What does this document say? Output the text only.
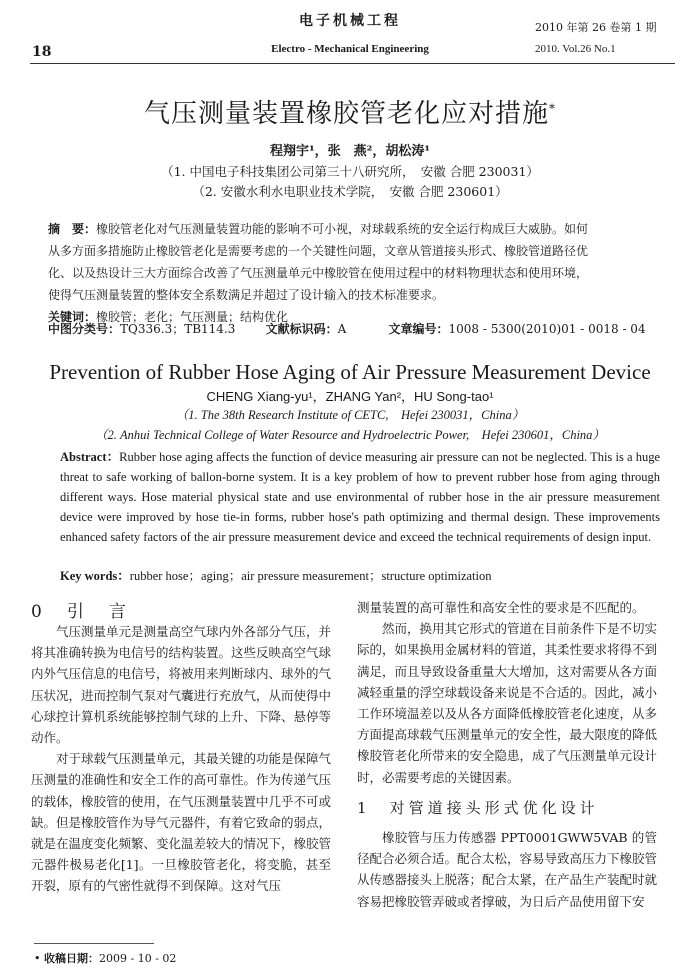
18
电子机械工程
Electro - Mechanical Engineering
2010 年第 26 卷第 1 期
2010. Vol.26 No.1
气压测量装置橡胶管老化应对措施*
程翔宇¹，张　燕²，胡松涛¹
（1. 中国电子科技集团公司第三十八研究所，　安徽 合肥 230031）
（2. 安徽水利水电职业技术学院，　安徽 合肥 230601）
摘　要：橡胶管老化对气压测量装置功能的影响不可小视，对球载系统的安全运行构成巨大威胁。如何
从多方面多措施防止橡胶管老化是需要考虑的一个关键性问题，文章从管道接头形式、橡胶管道路径优
化、以及热设计三大方面综合改善了气压测量单元中橡胶管在使用过程中的材料物理状态和使用环境，
使得气压测量装置的整体安全系数满足并超过了设计输入的技术标准要求。
关键词：橡胶管；老化；气压测量；结构优化
中图分类号：TQ336.3；TB114.3	文献标识码：A	文章编号：1008 - 5300(2010)01 - 0018 - 04
Prevention of Rubber Hose Aging of Air Pressure Measurement Device
CHENG Xiang-yu¹，ZHANG Yan²，HU Song-tao¹
（1. The 38th Research Institute of CETC,　Hefei 230031，China）
（2. Anhui Technical College of Water Resource and Hydroelectric Power,　Hefei 230601，China）
Abstract：Rubber hose aging affects the function of device measuring air pressure can not be neglected. This is a huge threat to safe working of ballon-borne system. It is a key problem of how to prevent rubber hose from aging through different ways. Hose material physical state and use environmental of rubber hose in the air pressure measurement device were improved by hose tie-in forms, rubber hose's path optimizing and thermal design. These improvements enhanced safety factors of the air pressure measurement device and exceed the technical requirements of design input.
Key words：rubber hose；aging；air pressure measurement；structure optimization
0　 引　言

气压测量单元是测量高空气球内外各部分气压，并将其准确转换为电信号的结构装置。这些反映高空气球内外气压信息的电信号，将被用来判断球内、球外的气压状况，进而控制气泵对气囊进行充放气，从而使得中心球控计算机系统能够控制气球的上升、下降、悬停等动作。

对于球载气压测量单元，其最关键的功能是保障气压测量的准确性和安全工作的高可靠性。作为传递气压的载体，橡胶管的使用，在气压测量装置中几乎不可或缺。但是橡胶管作为导气元器件，有着它致命的弱点，就是在温度变化频繁、变化温差较大的情况下，橡胶管元器件极易老化[1]。一旦橡胶管老化，将变脆，甚至开裂，原有的气密性就得不到保障。这对气压

测量装置的高可靠性和高安全性的要求是不匹配的。

然而，换用其它形式的管道在目前条件下是不切实际的，如果换用金属材料的管道，其柔性要求将得不到满足，而且导致设备重量大大增加，这对需要从各方面减轻重量的浮空球载设备来说是不合适的。因此，减小工作环境温差以及从各方面降低橡胶管老化速度，从多方面提高球载气压测量单元的安全性，最大限度的降低橡胶管老化所带来的安全隐患，成了气压测量单元设计时，必需要考虑的关键因素。

1　 对管道接头形式优化设计

橡胶管与压力传感器 PPT0001GWW5VAB 的管径配合必须合适。配合太松，容易导致高压力下橡胶管从传感器接头上脱落；配合太紧，在产品生产装配时就容易把橡胶管弄破或者撑破，为日后产品使用留下安

• 收稿日期：2009 - 10 - 02
